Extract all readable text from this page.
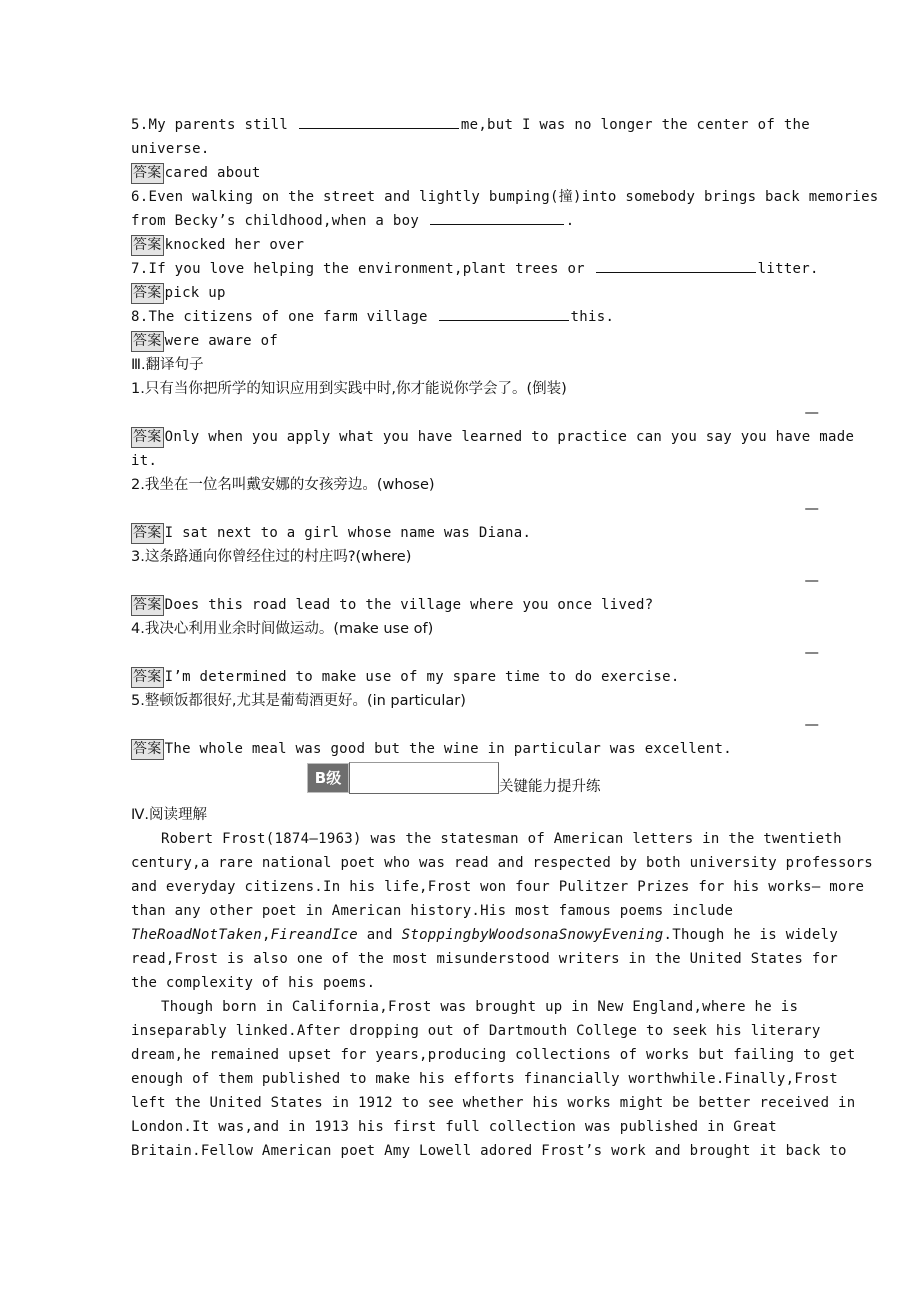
5.My parents still	me,but I was no longer the center of the
universe.
答案 cared about
6.Even walking on the street and lightly bumping(撞)into somebody brings back memories
from Becky’s childhood,when a boy	.
答案 knocked her over
7.If you love helping the environment,plant trees or	litter.
答案 pick up
8.The citizens of one farm village	this.
答案 were aware of
Ⅲ.翻译句子
1.只有当你把所学的知识应用到实践中时,你才能说你学会了。(倒装)
—
答案 Only when you apply what you have learned to practice can you say you have made
it.
2.我坐在一位名叫戴安娜的女孩旁边。(whose)
—
答案 I sat next to a girl whose name was Diana.
3.这条路通向你曾经住过的村庄吗?(where)
—
答案 Does this road lead to the village where you once lived?
4.我决心利用业余时间做运动。(make use of)
—
答案 I’m determined to make use of my spare time to do exercise.
5.整顿饭都很好,尤其是葡萄酒更好。(in particular)
—
答案 The whole meal was good but the wine in particular was excellent.
B级	关键能力提升练
Ⅳ.阅读理解
Robert Frost(1874—1963) was the statesman of American letters in the twentieth
century,a rare national poet who was read and respected by both university professors
and everyday citizens.In his life,Frost won four Pulitzer Prizes for his works— more
than any other poet in American history.His most famous poems include
TheRoadNotTaken,FireandIce and StoppingbyWoodsonaSnowyEvening.Though he is widely
read,Frost is also one of the most misunderstood writers in the United States for
the complexity of his poems.
Though born in California,Frost was brought up in New England,where he is
inseparably linked.After dropping out of Dartmouth College to seek his literary
dream,he remained upset for years,producing collections of works but failing to get
enough of them published to make his efforts financially worthwhile.Finally,Frost
left the United States in 1912 to see whether his works might be better received in
London.It was,and in 1913 his first full collection was published in Great
Britain.Fellow American poet Amy Lowell adored Frost’s work and brought it back to
